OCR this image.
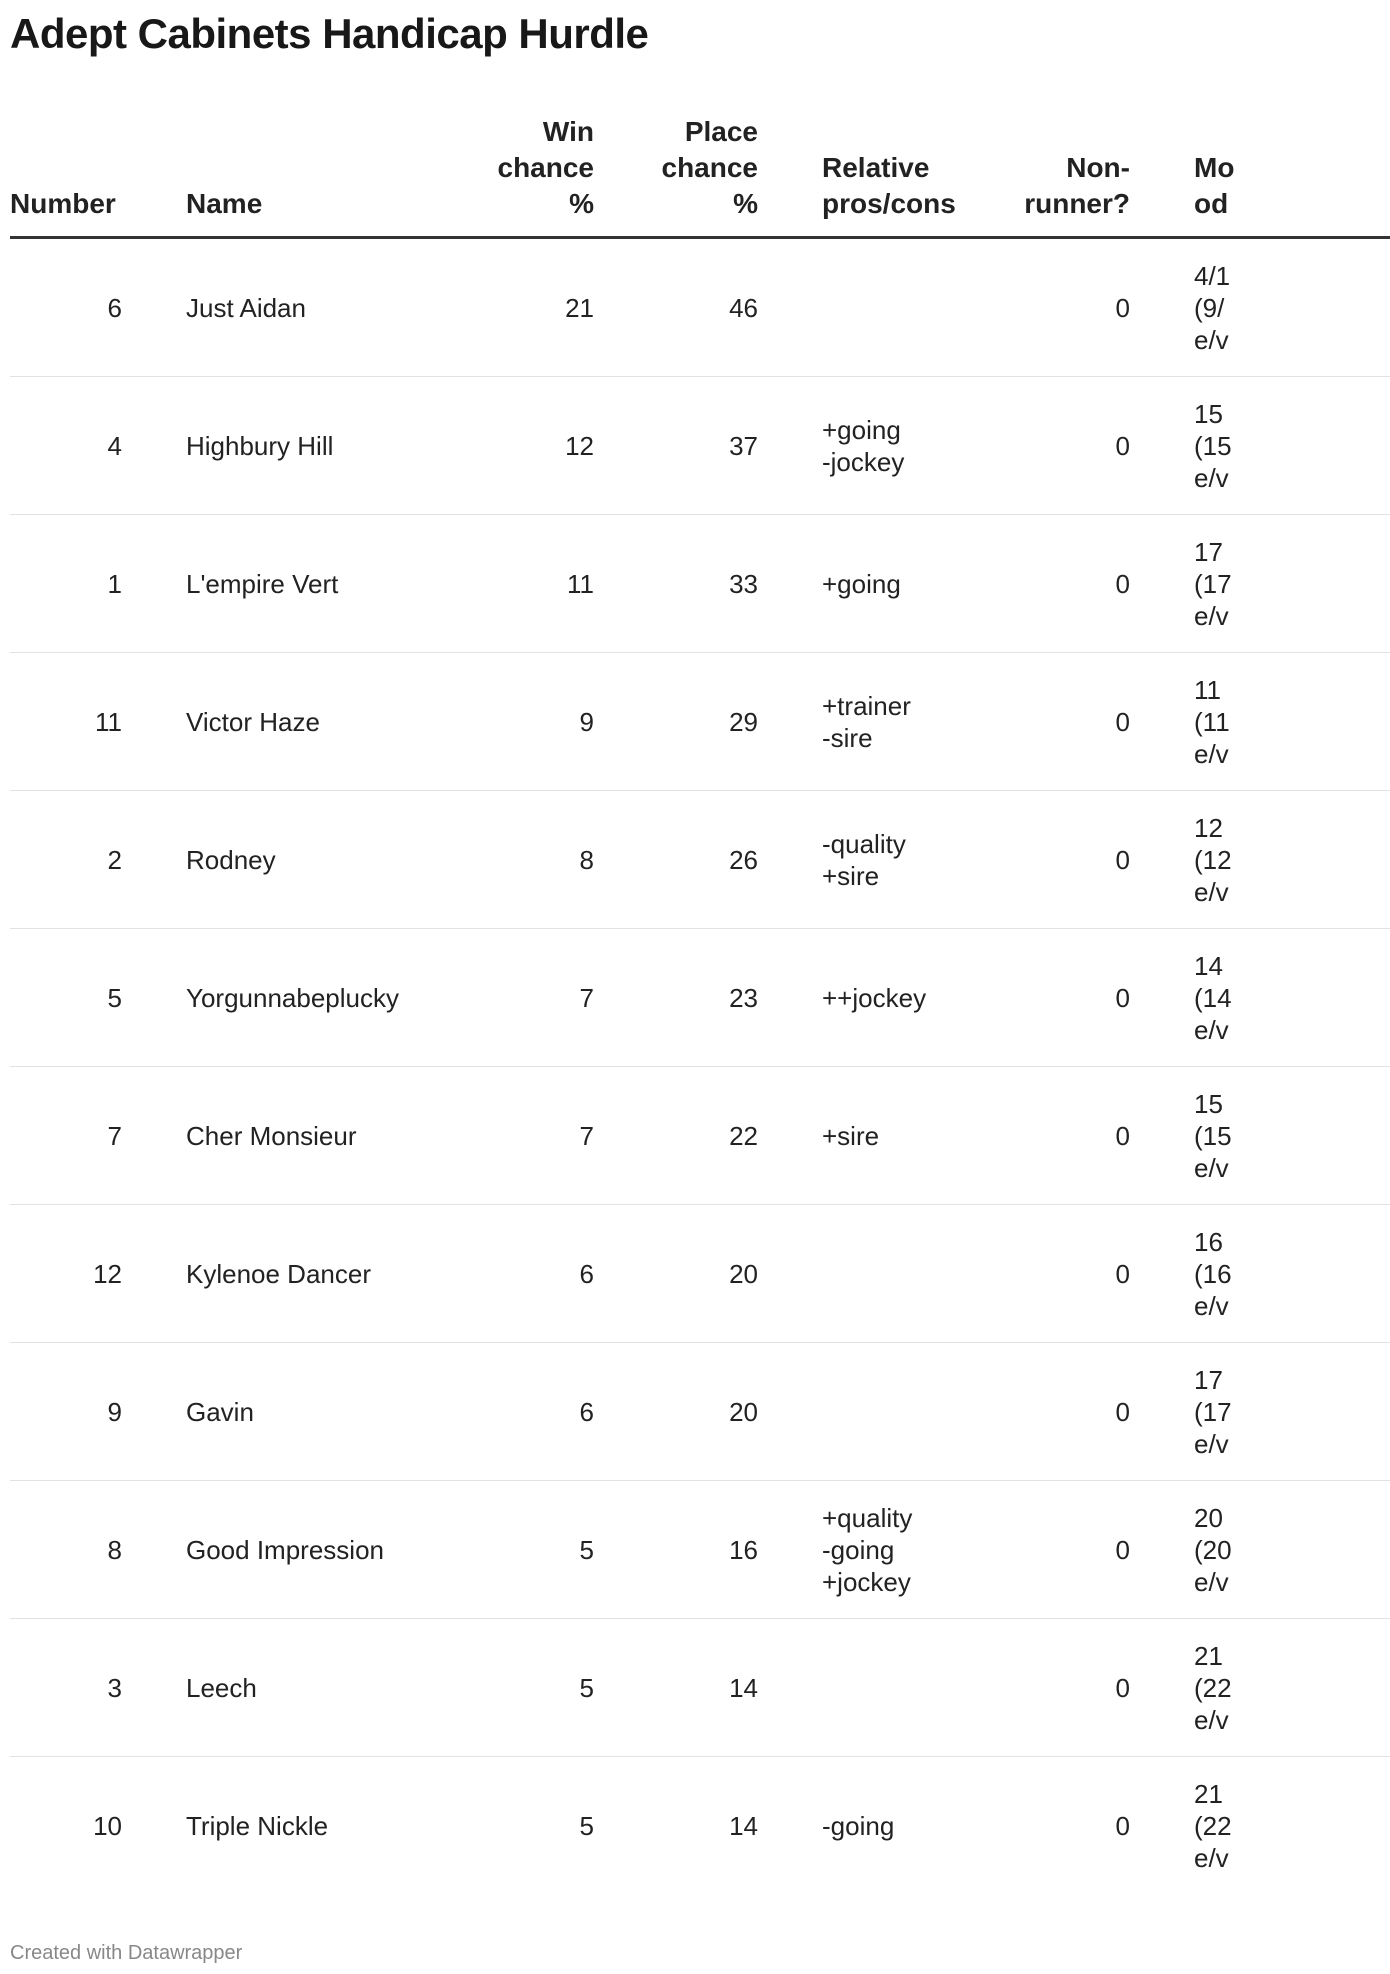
Adept Cabinets Handicap Hurdle
Number		Name	Win chance %	Place chance %		Relative pros/cons	Non-runner?		Mo od
6		Just Aidan	21	46			0		4/1
(9/
e/v
4		Highbury Hill	12	37		+going
-jockey	0		15
(15
e/v
1		L'empire Vert	11	33		+going	0		17
(17
e/v
11		Victor Haze	9	29		+trainer
-sire	0		11
(11
e/v
2		Rodney	8	26		-quality
+sire	0		12
(12
e/v
5		Yorgunnabeplucky	7	23		++jockey	0		14
(14
e/v
7		Cher Monsieur	7	22		+sire	0		15
(15
e/v
12		Kylenoe Dancer	6	20			0		16
(16
e/v
9		Gavin	6	20			0		17
(17
e/v
8		Good Impression	5	16		+quality
-going
+jockey	0		20
(20
e/v
3		Leech	5	14			0		21
(22
e/v
10		Triple Nickle	5	14		-going	0		21
(22
e/v
Created with Datawrapper
